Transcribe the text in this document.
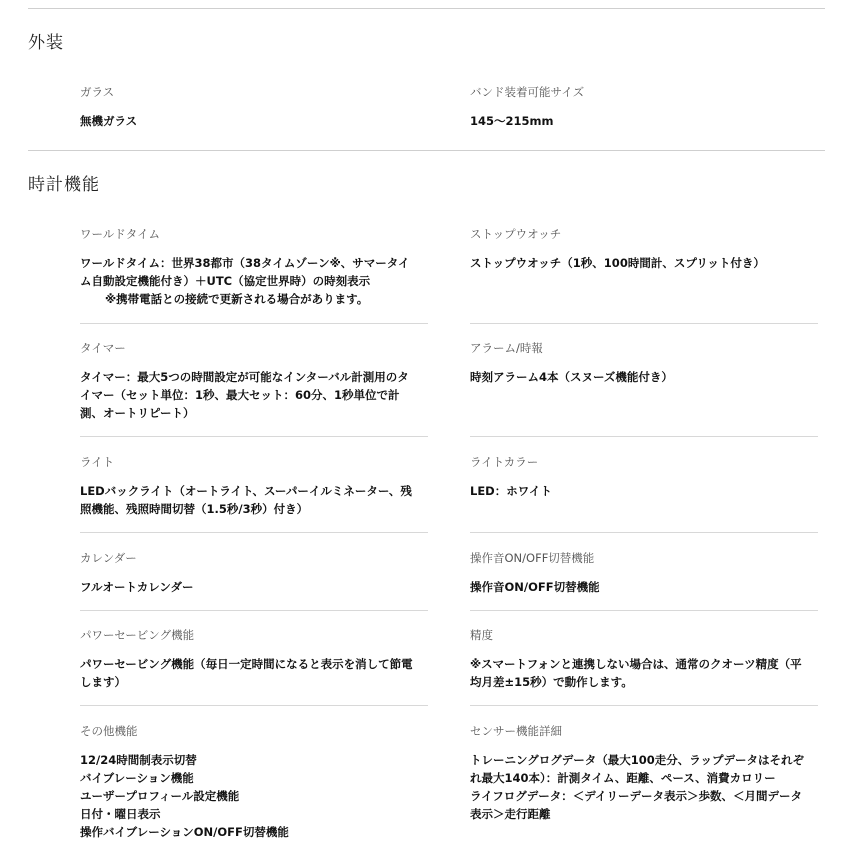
外装
ガラス
無機ガラス
バンド装着可能サイズ
145～215mm
時計機能
ワールドタイム
ワールドタイム：世界38都市（38タイムゾーン※、サマータイ
ム自動設定機能付き）＋UTC（協定世界時）の時刻表示
※携帯電話との接続で更新される場合があります。
ストップウオッチ
ストップウオッチ（1秒、100時間計、スプリット付き）
タイマー
タイマー：最大5つの時間設定が可能なインターバル計測用のタ
イマー（セット単位：1秒、最大セット：60分、1秒単位で計
測、オートリピート）
アラーム/時報
時刻アラーム4本（スヌーズ機能付き）
ライト
LEDバックライト（オートライト、スーパーイルミネーター、残
照機能、残照時間切替（1.5秒/3秒）付き）
ライトカラー
LED：ホワイト
カレンダー
フルオートカレンダー
操作音ON/OFF切替機能
操作音ON/OFF切替機能
パワーセービング機能
パワーセービング機能（毎日一定時間になると表示を消して節電
します）
精度
※スマートフォンと連携しない場合は、通常のクオーツ精度（平
均月差±15秒）で動作します。
その他機能
12/24時間制表示切替
バイブレーション機能
ユーザープロフィール設定機能
日付・曜日表示
操作バイブレーションON/OFF切替機能
センサー機能詳細
トレーニングログデータ（最大100走分、ラップデータはそれぞ
れ最大140本）：計測タイム、距離、ペース、消費カロリー
ライフログデータ：＜デイリーデータ表示＞歩数、＜月間データ
表示＞走行距離
